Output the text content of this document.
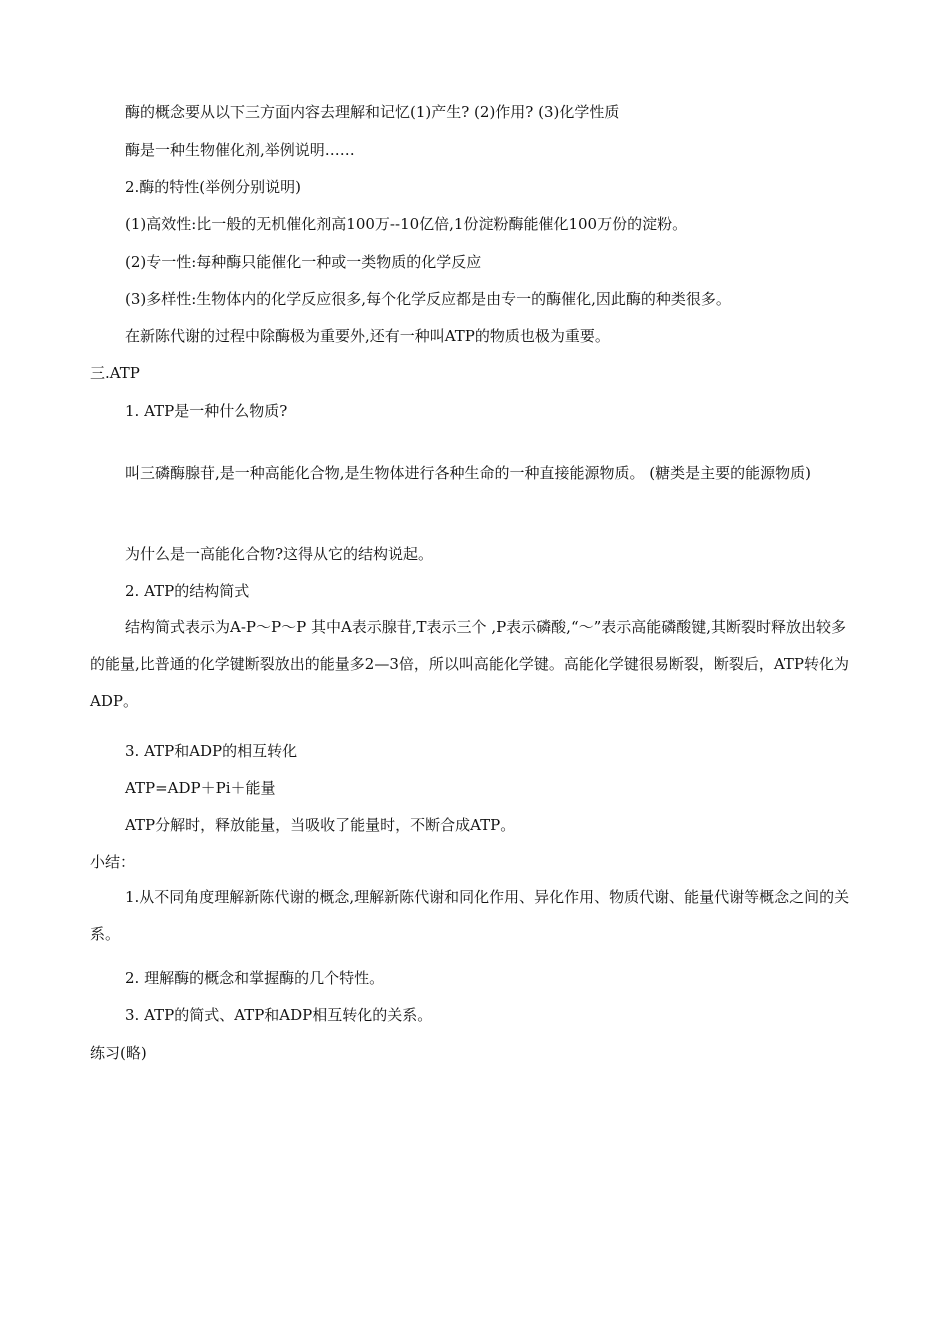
酶的概念要从以下三方面内容去理解和记忆(1)产生? (2)作用? (3)化学性质
酶是一种生物催化剂,举例说明……
2.酶的特性(举例分别说明)
(1)高效性:比一般的无机催化剂高100万--10亿倍,1份淀粉酶能催化100万份的淀粉。
(2)专一性:每种酶只能催化一种或一类物质的化学反应
(3)多样性:生物体内的化学反应很多,每个化学反应都是由专一的酶催化,因此酶的种类很多。
在新陈代谢的过程中除酶极为重要外,还有一种叫ATP的物质也极为重要。
三.ATP
1. ATP是一种什么物质?
叫三磷酶腺苷,是一种高能化合物,是生物体进行各种生命的一种直接能源物质。 (糖类是主要的能源物质)
为什么是一高能化合物?这得从它的结构说起。
2. ATP的结构简式
结构简式表示为A-P～P～P 其中A表示腺苷,T表示三个 ,P表示磷酸,“～”表示高能磷酸键,其断裂时释放出较多的能量,比普通的化学键断裂放出的能量多2—3倍，所以叫高能化学键。高能化学键很易断裂，断裂后，ATP转化为ADP。
3. ATP和ADP的相互转化
ATP=ADP＋Pi＋能量
ATP分解时，释放能量，当吸收了能量时，不断合成ATP。
小结：
1.从不同角度理解新陈代谢的概念,理解新陈代谢和同化作用、异化作用、物质代谢、能量代谢等概念之间的关系。
2. 理解酶的概念和掌握酶的几个特性。
3. ATP的简式、ATP和ADP相互转化的关系。
练习(略)
